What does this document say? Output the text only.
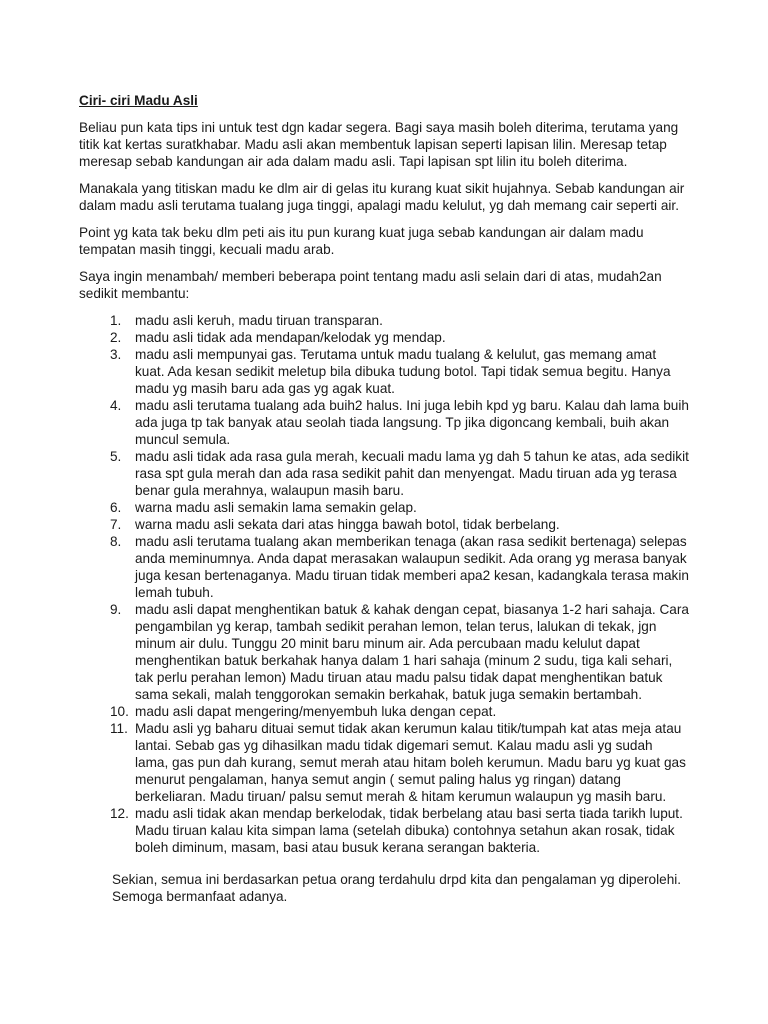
Ciri- ciri Madu Asli

Beliau pun kata tips ini untuk test dgn kadar segera. Bagi saya masih boleh diterima, terutama yang titik kat kertas suratkhabar. Madu asli akan membentuk lapisan seperti lapisan lilin. Meresap tetap meresap sebab kandungan air ada dalam madu asli. Tapi lapisan spt lilin itu boleh diterima.

Manakala yang titiskan madu ke dlm air di gelas itu kurang kuat sikit hujahnya. Sebab kandungan air dalam madu asli terutama tualang juga tinggi, apalagi madu kelulut, yg dah memang cair seperti air.

Point yg kata tak beku dlm peti ais itu pun kurang kuat juga sebab kandungan air dalam madu tempatan masih tinggi, kecuali madu arab.

Saya ingin menambah/ memberi beberapa point tentang madu asli selain dari di atas, mudah2an sedikit membantu:

1.	madu asli keruh, madu tiruan transparan.
2.	madu asli tidak ada mendapan/kelodak yg mendap.
3.	madu asli mempunyai gas. Terutama untuk madu tualang & kelulut, gas memang amat kuat. Ada kesan sedikit meletup bila dibuka tudung botol. Tapi tidak semua begitu. Hanya madu yg masih baru ada gas yg agak kuat.
4.	madu asli terutama tualang ada buih2 halus. Ini juga lebih kpd yg baru. Kalau dah lama buih ada juga tp tak banyak atau seolah tiada langsung. Tp jika digoncang kembali, buih akan muncul semula.
5.	madu asli tidak ada rasa gula merah, kecuali madu lama yg dah 5 tahun ke atas, ada sedikit rasa spt gula merah dan ada rasa sedikit pahit dan menyengat. Madu tiruan ada yg terasa benar gula merahnya, walaupun masih baru.
6.	warna madu asli semakin lama semakin gelap.
7.	warna madu asli sekata dari atas hingga bawah botol, tidak berbelang.
8.	madu asli terutama tualang akan memberikan tenaga (akan rasa sedikit bertenaga) selepas anda meminumnya. Anda dapat merasakan walaupun sedikit. Ada orang yg merasa banyak juga kesan bertenaganya. Madu tiruan tidak memberi apa2 kesan, kadangkala terasa makin lemah tubuh.
9.	madu asli dapat menghentikan batuk & kahak dengan cepat, biasanya 1-2 hari sahaja. Cara pengambilan yg kerap, tambah sedikit perahan lemon, telan terus, lalukan di tekak, jgn minum air dulu. Tunggu 20 minit baru minum air. Ada percubaan madu kelulut dapat menghentikan batuk berkahak hanya dalam 1 hari sahaja (minum 2 sudu, tiga kali sehari, tak perlu perahan lemon) Madu tiruan atau madu palsu tidak dapat menghentikan batuk sama sekali, malah tenggorokan semakin berkahak, batuk juga semakin bertambah.
10. madu asli dapat mengering/menyembuh luka dengan cepat.
11. Madu asli yg baharu dituai semut tidak akan kerumun kalau titik/tumpah kat atas meja atau lantai. Sebab gas yg dihasilkan madu tidak digemari semut. Kalau madu asli yg sudah lama, gas pun dah kurang, semut merah atau hitam boleh kerumun. Madu baru yg kuat gas menurut pengalaman, hanya semut angin ( semut paling halus yg ringan) datang berkeliaran. Madu tiruan/ palsu semut merah & hitam kerumun walaupun yg masih baru.
12. madu asli tidak akan mendap berkelodak, tidak berbelang atau basi serta tiada tarikh luput. Madu tiruan kalau kita simpan lama (setelah dibuka) contohnya setahun akan rosak, tidak boleh diminum, masam, basi atau busuk kerana serangan bakteria.

Sekian, semua ini berdasarkan petua orang terdahulu drpd kita dan pengalaman yg diperolehi.

Semoga bermanfaat adanya.
